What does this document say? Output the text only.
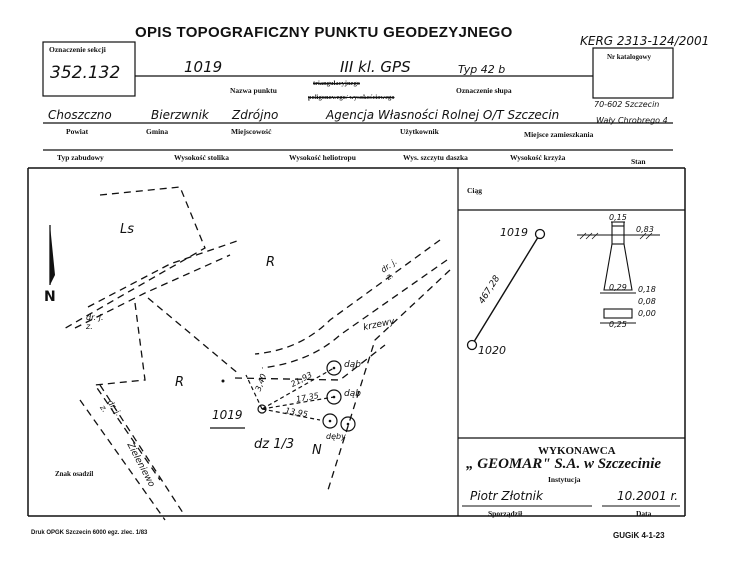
OPIS TOPOGRAFICZNY PUNKTU GEODEZYJNEGO	KERG 2313-124/2001
Oznaczenie sekcji
352.132	1019	III kl. GPS	Typ 42 b
Nazwa punktu
triangulacyjnego
poligonowego/ wysokościowego
Oznaczenie słupa
Nr katalogowy
Choszczno
Powiat
Bierzwnik
Gmina
Zdrójno
Miejscowość
Agencja Własności Rolnej O/T Szczecin
Użytkownik
70-602 Szczecin
Wały Chrobrego 4
Miejsce zamieszkania
Typ zabudowy	Wysokość stolika	Wysokość heliotropu	Wys. szczytu daszka	Wysokość krzyża	Stan
N
Ls
R
R
N
dr. j. z.
dr. j. z.
dr. j. z.
krzewy
Zieleniewo
1019
dz 1/3
dąb
dąb
dęby
3,40	21,93
17,35
13,95
Znak osadzil
Ciąg
1019
1020
467,28
0,15
0,83
0,29 0,18
0,08
0,00
0,25
WYKONAWCA
„ GEOMAR" S.A. w Szczecinie
Instytucja
Piotr Złotnik	10.2001 r.
Sporządził	Data
Druk OPGK Szczecin 6000 egz. zlec. 1/83	GUGiK 4-1-23
